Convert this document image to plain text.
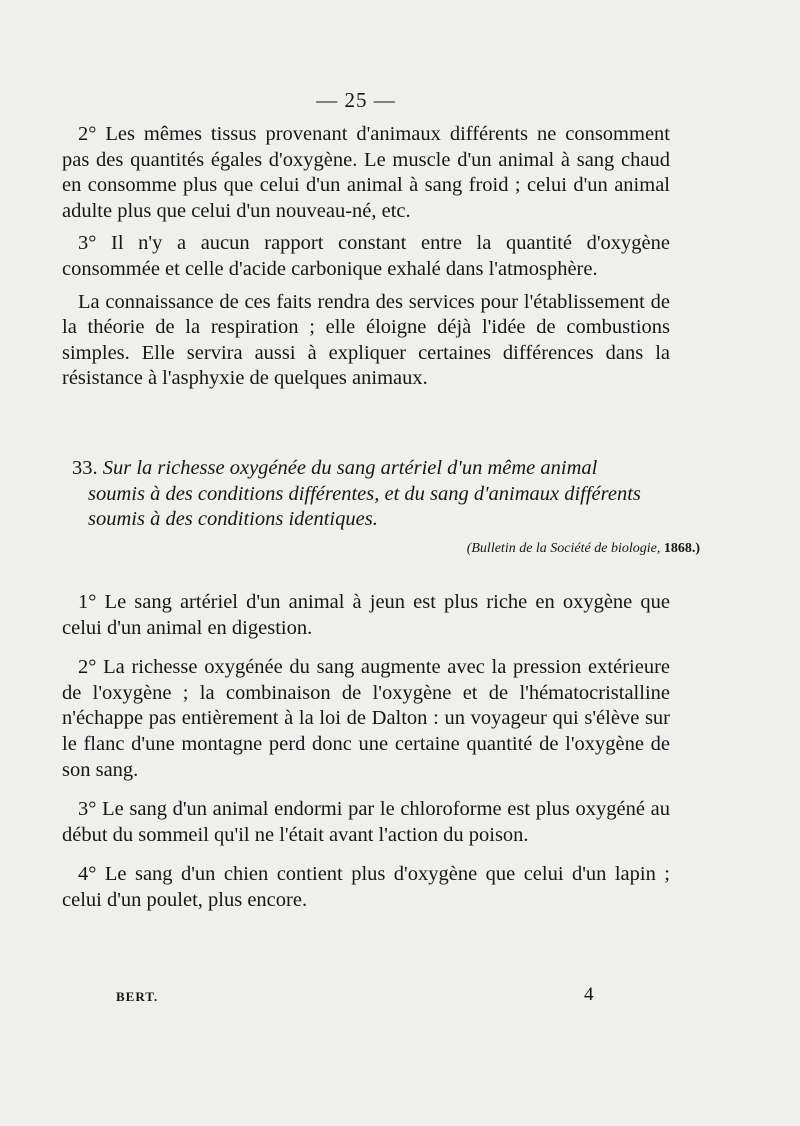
— 25 —

2° Les mêmes tissus provenant d'animaux différents ne consomment pas des quantités égales d'oxygène. Le muscle d'un animal à sang chaud en consomme plus que celui d'un animal à sang froid ; celui d'un animal adulte plus que celui d'un nouveau-né, etc.

3° Il n'y a aucun rapport constant entre la quantité d'oxygène consommée et celle d'acide carbonique exhalé dans l'atmosphère.

La connaissance de ces faits rendra des services pour l'établissement de la théorie de la respiration ; elle éloigne déjà l'idée de combustions simples. Elle servira aussi à expliquer certaines différences dans la résistance à l'asphyxie de quelques animaux.

33. Sur la richesse oxygénée du sang artériel d'un même animal
soumis à des conditions différentes, et du sang d'animaux différents
soumis à des conditions identiques.
(Bulletin de la Société de biologie, 1868.)

1° Le sang artériel d'un animal à jeun est plus riche en oxygène que celui d'un animal en digestion.

2° La richesse oxygénée du sang augmente avec la pression extérieure de l'oxygène ; la combinaison de l'oxygène et de l'hématocristalline n'échappe pas entièrement à la loi de Dalton : un voyageur qui s'élève sur le flanc d'une montagne perd donc une certaine quantité de l'oxygène de son sang.

3° Le sang d'un animal endormi par le chloroforme est plus oxygéné au début du sommeil qu'il ne l'était avant l'action du poison.

4° Le sang d'un chien contient plus d'oxygène que celui d'un lapin ; celui d'un poulet, plus encore.

BERT.	4
